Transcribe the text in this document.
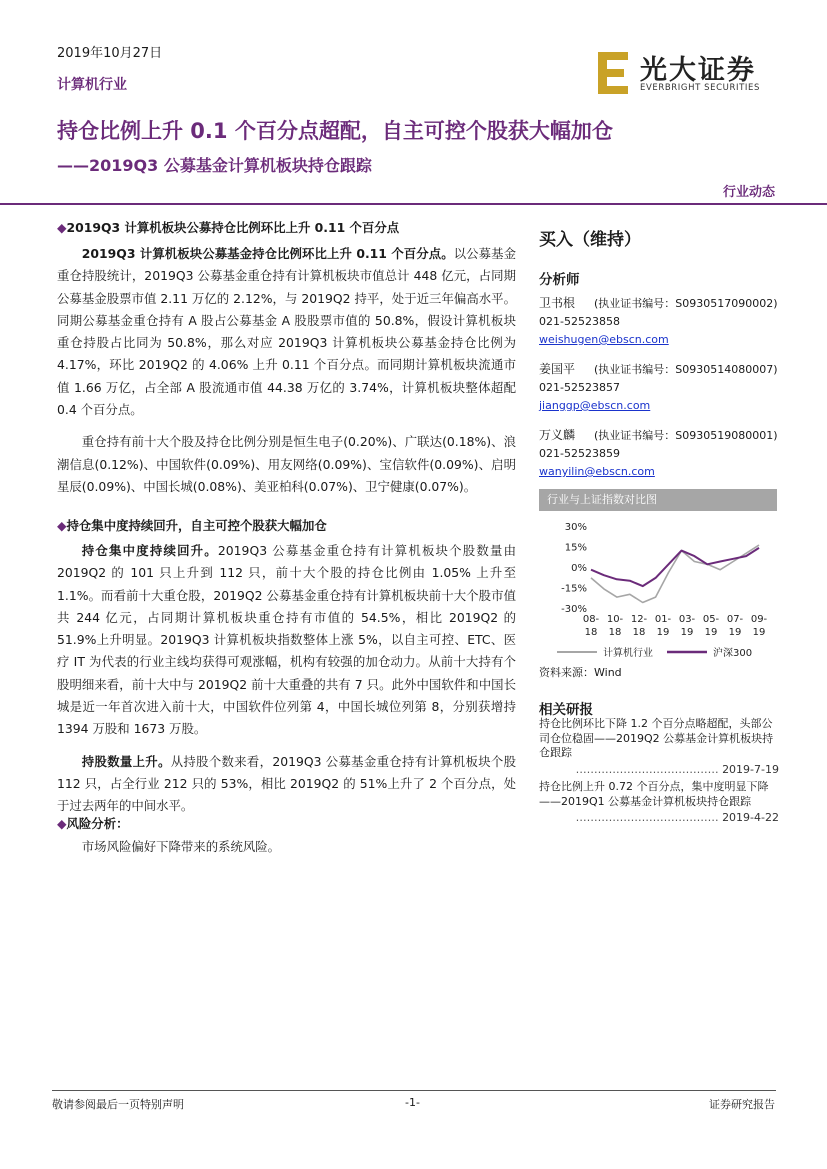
2019年10月27日
计算机行业	光大证券
EVERBRIGHT SECURITIES
持仓比例上升 0.1 个百分点超配，自主可控个股获大幅加仓
——2019Q3 公募基金计算机板块持仓跟踪
行业动态
◆2019Q3 计算机板块公募持仓比例环比上升 0.11 个百分点

2019Q3 计算机板块公募基金持仓比例环比上升 0.11 个百分点。以公募基金重仓持股统计，2019Q3 公募基金重仓持有计算机板块市值总计 448 亿元，占同期公募基金股票市值 2.11 万亿的 2.12%，与 2019Q2 持平，处于近三年偏高水平。同期公募基金重仓持有 A 股占公募基金 A 股股票市值的 50.8%，假设计算机板块重仓持股占比同为 50.8%，那么对应 2019Q3 计算机板块公募基金持仓比例为 4.17%，环比 2019Q2 的 4.06% 上升 0.11 个百分点。而同期计算机板块流通市值 1.66 万亿，占全部 A 股流通市值 44.38 万亿的 3.74%，计算机板块整体超配 0.4 个百分点。

重仓持有前十大个股及持仓比例分别是恒生电子(0.20%)、广联达(0.18%)、浪潮信息(0.12%)、中国软件(0.09%)、用友网络(0.09%)、宝信软件(0.09%)、启明星辰(0.09%)、中国长城(0.08%)、美亚柏科(0.07%)、卫宁健康(0.07%)。

◆持仓集中度持续回升，自主可控个股获大幅加仓

持仓集中度持续回升。2019Q3 公募基金重仓持有计算机板块个股数量由 2019Q2 的 101 只上升到 112 只，前十大个股的持仓比例由 1.05% 上升至 1.1%。而看前十大重仓股，2019Q2 公募基金重仓持有计算机板块前十大个股市值共 244 亿元，占同期计算机板块重仓持有市值的 54.5%，相比 2019Q2 的 51.9%上升明显。2019Q3 计算机板块指数整体上涨 5%，以自主可控、ETC、医疗 IT 为代表的行业主线均获得可观涨幅，机构有较强的加仓动力。从前十大持有个股明细来看，前十大中与 2019Q2 前十大重叠的共有 7 只。此外中国软件和中国长城是近一年首次进入前十大，中国软件位列第 4，中国长城位列第 8，分别获增持 1394 万股和 1673 万股。

持股数量上升。从持股个数来看，2019Q3 公募基金重仓持有计算机板块个股 112 只，占全行业 212 只的 53%，相比 2019Q2 的 51%上升了 2 个百分点，处于过去两年的中间水平。

◆风险分析：

市场风险偏好下降带来的系统风险。

买入（维持）
分析师
卫书根 (执业证书编号：S0930517090002)
021-52523858
weishugen@ebscn.com
姜国平 (执业证书编号：S0930514080007)
021-52523857
jianggp@ebscn.com
万义麟 (执业证书编号：S0930519080001)
021-52523859
wanyilin@ebscn.com
行业与上证指数对比图
30%
15%
0%
-15%
-30%
08-
18
10-
18
12-
18
01-
19
03-
19
05-
19
07-
19
09-
19
计算机行业	沪深300
资料来源：Wind
相关研报
持仓比例环比下降 1.2 个百分点略超配，头部公司仓位稳固——2019Q2 公募基金计算机板块持仓跟踪
………………………………… 2019-7-19
持仓比例上升 0.72 个百分点，集中度明显下降——2019Q1 公募基金计算机板块持仓跟踪
………………………………… 2019-4-22
敬请参阅最后一页特别声明	-1-	证券研究报告
